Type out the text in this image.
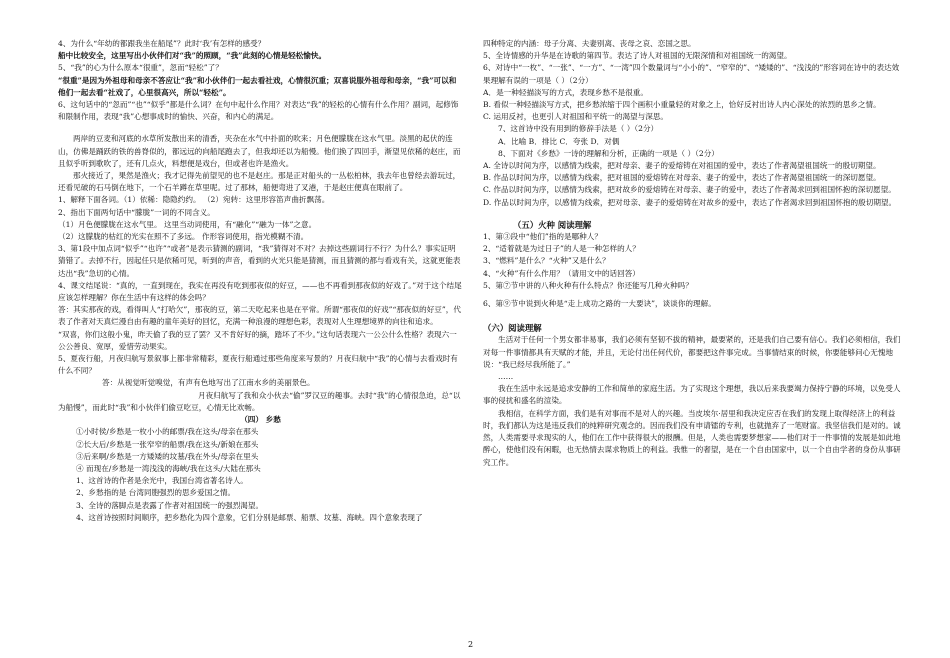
4、为什么“年幼的都跟我坐在船尾”？此时‘我’有怎样的感受？

船中比较安全，这里写出小伙伴们对“我”的照顾，“我”此刻的心情是轻松愉快。

5、“我”的心为什么原本“很重”，忽而“轻松”了？

“很重”是因为外祖母和母亲不答应让“我”和小伙伴们一起去看社戏，心情很沉重；双喜说服外祖母和母亲，“我”可以和他们一起去看“社戏了，心里很高兴，所以“轻松”。

6、这句话中的“忽而”“也”“似乎”都是什么词？在句中起什么作用？对表达“我”的轻松的心情有什么作用？副词，起修饰和限制作用，表现“我”心想事成时的愉快、兴奋，和内心的满足。

两岸的豆麦和河底的水草所发散出来的清香，夹杂在水气中扑面的吹来；月色便朦胧在这水气里。淡黑的起伏的连山，仿佛是踊跃的铁的兽脊似的，都远远的向船尾跑去了，但我却还以为船慢。他们换了四回手，渐望见依稀的赵庄，而且似乎听到歌吹了，还有几点火，料想便是戏台，但或者也许是渔火。

那火接近了，果然是渔火；我才记得先前望见的也不是赵庄。那是正对船头的一丛松柏林，我去年也曾经去游玩过，还看见破的石马倒在地下，一个石羊蹲在草里呢。过了那林，船便弯进了叉港，于是赵庄便真在眼前了。

1、解释下面各词。（1）依稀：隐隐约约。 （2）宛转：这里形容笛声曲折飘荡。

2、指出下面两句话中“朦胧”一词的不同含义。

（1）月色便朦胧在这水气里。 这里当动词使用，有“融化”“融为一体”之意。

（2）这朦胧的枯红的光实在照不了多远。 作形容词使用，指光模糊不清。

3、第1段中加点词“似乎”“也许”“或者”是表示猜测的副词，“我”猜得对不对？去掉这些副词行不行？为什么？事实证明猜错了。去掉不行，因起任只是依稀可见，听到的声音，看到的火光只能是猜测，而且猜测的都与看戏有关，这就更能表达出“我”急切的心情。

4、课文结尾说：“真的，一直到现在，我实在再没有吃到那夜似的好豆，——也不再看到那夜似的好戏了。”对于这个结尾应该怎样理解？你在生活中有这样的体会吗？

答：其实那夜的戏，看得叫人“打哈欠”，那夜的豆，第二天吃起来也是在平常。所谓“那夜似的好戏”“那夜似的好豆”，代表了作者对天真烂漫自由有趣的童年美好的回忆，充满一种浪漫的理想色彩，表现对人生理想境界的向往和追求。

“双喜，你们这般小鬼，昨天偷了我的豆了罢？又不肯好好的摘，踏坏了不少。”这句话表现六一公公什么性格？表现六一公公善良、宽厚，爱惜劳动果实。

5、夏夜行船，月夜归航写景叙事上都非常精彩，夏夜行船通过那些角度来写景的？月夜归航中“我”的心情与去看戏时有什么不同？

答：从视觉听觉嗅觉，有声有色地写出了江南水乡的美丽景色。

月夜归航写了我和众小伙去“偷”罗汉豆的趣事。去时“我”的心情很急迫，总“以为船慢”，而此时“我”和小伙伴们偷豆吃豆，心情无比欢畅。

（四） 乡愁

①小时侯/乡愁是一枚小小的邮票/我在这头/母亲在那头

②长大后/乡愁是一张窄窄的船票/我在这头/新娘在那头

③后来啊/乡愁是一方矮矮的坟墓/我在外头/母亲在里头

④ 而现在/乡愁是一湾浅浅的海峡/我在这头/大陆在那头

1、这首诗的作者是余光中，我国台湾省著名诗人。

2、乡愁指的是 台湾同胞强烈的思乡爱国之情。

3、全诗的落脚点是表露了作者对祖国统一的强烈渴望。

4、这首诗按照时间顺序，把乡愁化为四个意象，它们分别是邮票、船票、坟墓、海峡。四个意象表现了

四种特定的内涵：母子分离、夫妻别离、丧母之哀、恋国之思。

5、全诗情感的升华是在诗歌的第四节。表达了诗人对祖国的无限深情和对祖国统一的渴望。

6、对诗中“一枚”、“一张”、“一方”、“一湾”四个数量词与“小小的”、“窄窄的”、“矮矮的”、“浅浅的”形容词在诗中的表达效果理解有误的一项是（ ）（2分）

A．是一种轻描淡写的方式，表现乡愁不是很重。

B. 看似一种轻描淡写方式，把乡愁浓缩于四个画积小重量轻的对象之上，恰好反衬出诗人内心深处的浓烈的思乡之情。

C. 运用反衬，也更引人对祖国和平统一的渴望与深思。

7、这首诗中没有用到的修辞手法是（ ）（2分）

A．比喻 B．排比 C．夸张 D．对偶

8、下面对《乡愁》一诗的理解和分析，正确的一项是（ ）（2分）

A. 全诗以时间为序，以感情为线索，把对母亲、妻子的爱熔铸在对祖国的爱中，表达了作者渴望祖国统一的殷切期望。

B. 作品以时间为序，以感情为线索，把对祖国的爱熔铸在对母亲、妻子的爱中，表达了作者渴望祖国统一的深切愿望。

C. 作品以时间为序，以感情为线索，把对故乡的爱熔铸在对母亲、妻子的爱中，表达了作者渴求回到祖国怀抱的深切愿望。

D. 作品以时间为序，以感情为线索，把对母亲、妻子的爱熔铸在对故乡的爱中，表达了作者渴求回到祖国怀抱的殷切期望。

（五）火种 阅读理解

1、第③段中“他们”指的是哪种人？

2、“适着就是为过日子”的人是一种怎样的人？

3、“燃料”是什么？“火种”又是什么？

4、“火种”有什么作用？（请用文中的话回答）

5、第⑦节中讲的八种火种有什么特点？你还能写几种火种吗？

6、第⑨节中说到火种是“走上成功之路的一大要诀”，谈谈你的理解。

（六）阅读理解

生活对于任何一个男女都非易事，我们必须有坚韧不拔的精神，最要紧的，还是我们自己要有信心。我们必须相信，我们对每一件事情都具有天赋的才能，并且，无论付出任何代价，都要把这件事完成。当事情结束的时候，你要能够问心无愧地说：“我已经尽我所能了。”

……

我在生活中永远是追求安静的工作和简单的家庭生活。为了实现这个理想，我以后来我要竭力保持宁静的环境，以免受人事的侵扰和盛名的渲染。

我相信，在科学方面，我们是有对事而不是对人的兴趣。当皮埃尔·居里和我决定应否在我们的发现上取得经济上的利益时，我们都认为这是违反我们的纯粹研究观念的。因而我们没有申请镭的专利，也就抛弃了一笔财富。我坚信我们是对的。诚然，人类需要寻求现实的人，他们在工作中获得很大的报酬。但是，人类也需要梦想家——他们对于一件事情的发展是如此地醉心，使他们没有闲暇，也无热情去谋求物质上的利益。我惟一的奢望，是在一个自由国家中，以一个自由学者的身份从事研究工作。

2
